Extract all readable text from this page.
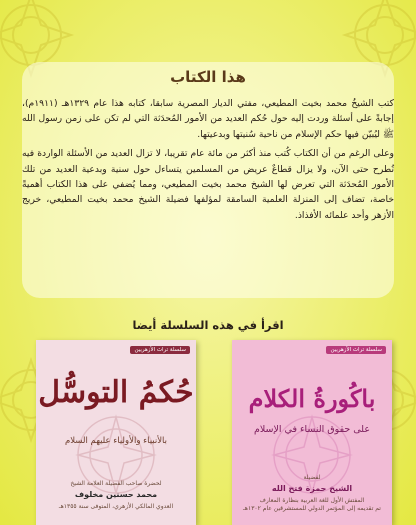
هذا الكتاب

كتب الشيخُ محمد بخيت المطيعي، مفتي الديار المصرية سابقا، كتابه هذا عام ١٣٢٩هـ (١٩١١م)، إجابةً على أسئلة وردت إليه حول حُكم العديد من الأمور المُحدَثة التي لم تكن على زمن رسول الله ﷺ ليُبيّن فيها حكم الإسلام من ناحية سُنيتها وبدعيتها.

وعلى الرغم من أن الكتاب كُتب منذ أكثر من مائة عام تقريبا، لا تزال العديد من الأسئلة الواردة فيه تُطرح حتى الآن، ولا يزال قطاعٌ عريض من المسلمين يتساءل حول سنية وبدعية العديد من تلك الأمور المُحدَثة التي تعرض لها الشيخ محمد بخيت المطيعي، ومما يُضفي على هذا الكتاب أهميةً خاصة، تضاف إلى المنزلة العلمية السامقة لمؤلفها فضيلة الشيخ محمد بخيت المطيعي، خريج الأزهر وأحد علمائه الأفذاذ.

اقرأ في هذه السلسلة أيضا
سلسلة تراث الأزهريين
حُكمُ التوسُّل
بالأنبياء والأولياء عليهم السلام
لحضرة صاحب الفضيلة العلامة الشيخ
محمد حسنين مخلوف
العدوي المالكي الأزهري، المتوفى سنة ١٣٥٥هـ
سلسلة تراث الأزهريين
باكُورةُ الكلام
على حقوق النساء في الإسلام
لفضيلة
الشيخ حمزة فتح الله
المفتش الأول للغة العربية بنظارة المعارف
تم تقديمه إلى المؤتمر الدولي للمستشرقين عام ١٣٠٢هـ
